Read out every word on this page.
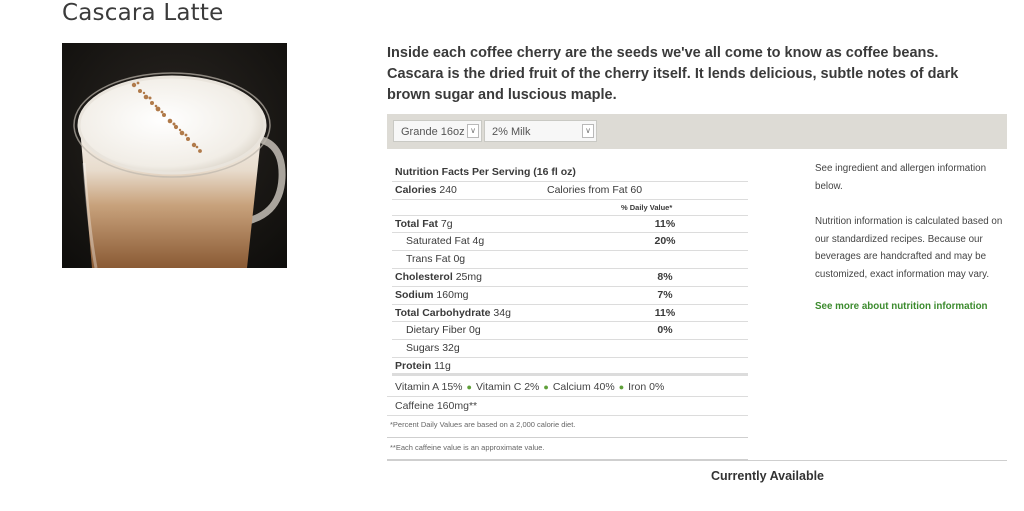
Cascara Latte
Inside each coffee cherry are the seeds we've all come to know as coffee beans. Cascara is the dried fruit of the cherry itself. It lends delicious, subtle notes of dark brown sugar and luscious maple.
Grande 16oz ∨	2% Milk	∨
Nutrition Facts Per Serving (16 fl oz)
Calories 240	Calories from Fat 60
% Daily Value*
Total Fat 7g	11%
Saturated Fat 4g	20%
Trans Fat 0g
Cholesterol 25mg	8%
Sodium 160mg	7%
Total Carbohydrate 34g	11%
Dietary Fiber 0g	0%
Sugars 32g
Protein 11g
Vitamin A 15% ● Vitamin C 2% ● Calcium 40% ● Iron 0%
Caffeine 160mg**
*Percent Daily Values are based on a 2,000 calorie diet.
**Each caffeine value is an approximate value.
See ingredient and allergen information below.
Nutrition information is calculated based on our standardized recipes. Because our beverages are handcrafted and may be customized, exact information may vary.
See more about nutrition information
Currently Available
